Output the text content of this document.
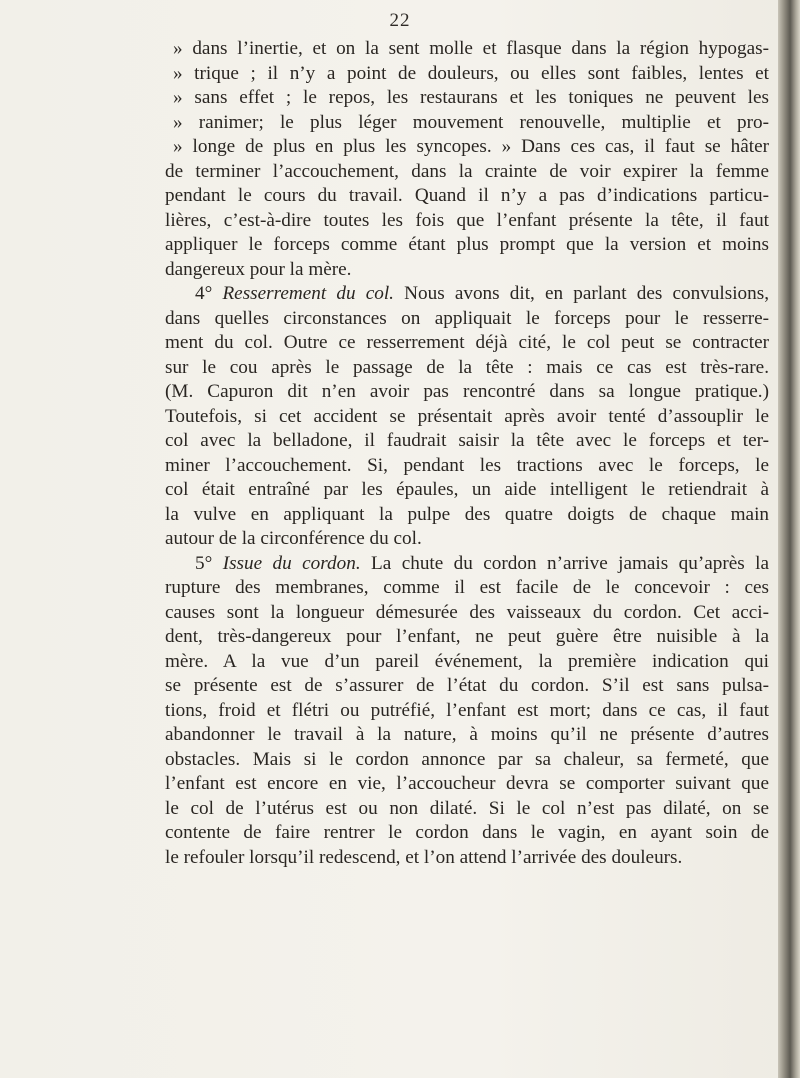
22
» dans l’inertie, et on la sent molle et flasque dans la région hypogas-
» trique ; il n’y a point de douleurs, ou elles sont faibles, lentes et
» sans effet ; le repos, les restaurans et les toniques ne peuvent les
» ranimer; le plus léger mouvement renouvelle, multiplie et pro-
» longe de plus en plus les syncopes. » Dans ces cas, il faut se hâter
de terminer l’accouchement, dans la crainte de voir expirer la femme
pendant le cours du travail. Quand il n’y a pas d’indications particu-
lières, c’est-à-dire toutes les fois que l’enfant présente la tête, il faut
appliquer le forceps comme étant plus prompt que la version et moins
dangereux pour la mère.
4° Resserrement du col. Nous avons dit, en parlant des convulsions,
dans quelles circonstances on appliquait le forceps pour le resserre-
ment du col. Outre ce resserrement déjà cité, le col peut se contracter
sur le cou après le passage de la tête : mais ce cas est très-rare.
(M. Capuron dit n’en avoir pas rencontré dans sa longue pratique.)
Toutefois, si cet accident se présentait après avoir tenté d’assouplir le
col avec la belladone, il faudrait saisir la tête avec le forceps et ter-
miner l’accouchement. Si, pendant les tractions avec le forceps, le
col était entraîné par les épaules, un aide intelligent le retiendrait à
la vulve en appliquant la pulpe des quatre doigts de chaque main
autour de la circonférence du col.
5° Issue du cordon. La chute du cordon n’arrive jamais qu’après la
rupture des membranes, comme il est facile de le concevoir : ces
causes sont la longueur démesurée des vaisseaux du cordon. Cet acci-
dent, très-dangereux pour l’enfant, ne peut guère être nuisible à la
mère. A la vue d’un pareil événement, la première indication qui
se présente est de s’assurer de l’état du cordon. S’il est sans pulsa-
tions, froid et flétri ou putréfié, l’enfant est mort; dans ce cas, il faut
abandonner le travail à la nature, à moins qu’il ne présente d’autres
obstacles. Mais si le cordon annonce par sa chaleur, sa fermeté, que
l’enfant est encore en vie, l’accoucheur devra se comporter suivant que
le col de l’utérus est ou non dilaté. Si le col n’est pas dilaté, on se
contente de faire rentrer le cordon dans le vagin, en ayant soin de
le refouler lorsqu’il redescend, et l’on attend l’arrivée des douleurs.
